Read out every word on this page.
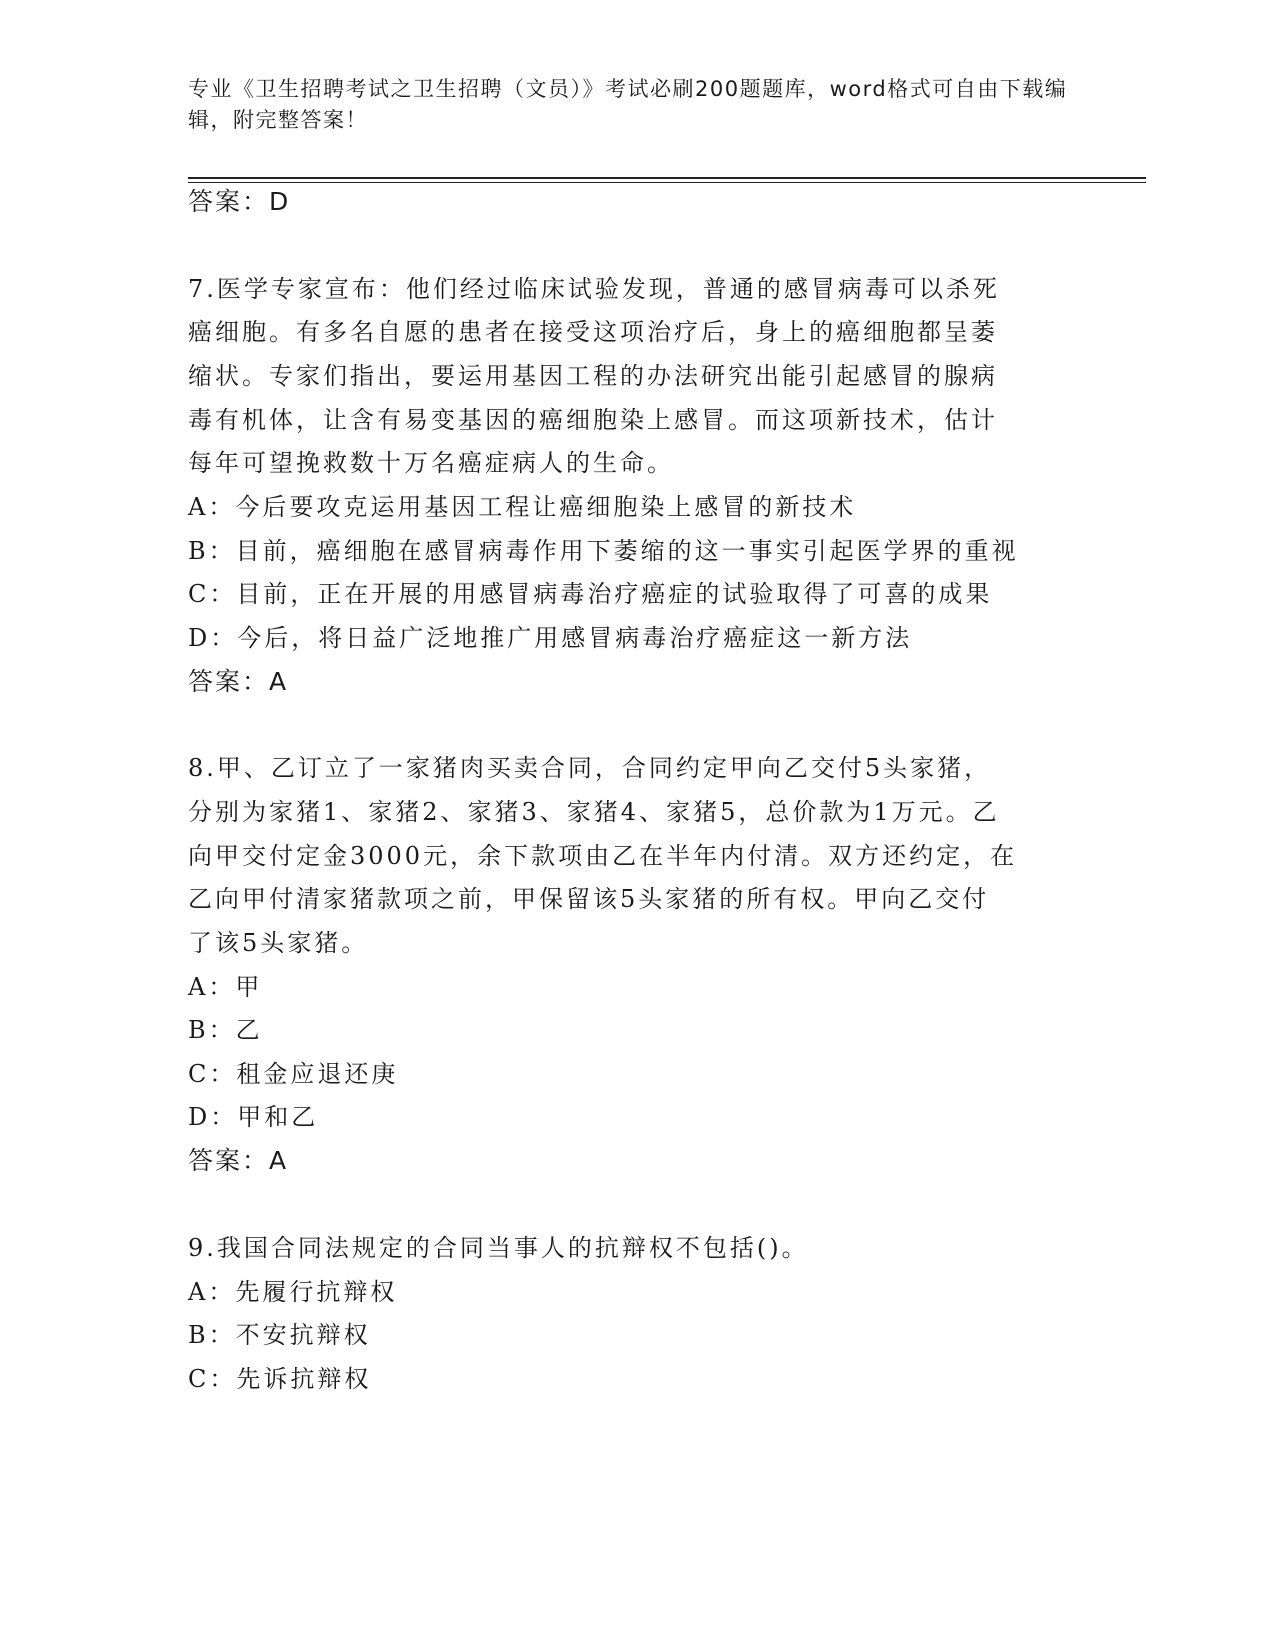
专业《卫生招聘考试之卫生招聘（文员）》考试必刷200题题库，word格式可自由下载编辑，附完整答案！
答案：D
7.医学专家宣布：他们经过临床试验发现，普通的感冒病毒可以杀死
癌细胞。有多名自愿的患者在接受这项治疗后，身上的癌细胞都呈萎
缩状。专家们指出，要运用基因工程的办法研究出能引起感冒的腺病
毒有机体，让含有易变基因的癌细胞染上感冒。而这项新技术，估计
每年可望挽救数十万名癌症病人的生命。
A：今后要攻克运用基因工程让癌细胞染上感冒的新技术
B：目前，癌细胞在感冒病毒作用下萎缩的这一事实引起医学界的重视
C：目前，正在开展的用感冒病毒治疗癌症的试验取得了可喜的成果
D：今后，将日益广泛地推广用感冒病毒治疗癌症这一新方法
答案：A
8.甲、乙订立了一家猪肉买卖合同，合同约定甲向乙交付5头家猪，
分别为家猪1、家猪2、家猪3、家猪4、家猪5，总价款为1万元。乙
向甲交付定金3000元，余下款项由乙在半年内付清。双方还约定，在
乙向甲付清家猪款项之前，甲保留该5头家猪的所有权。甲向乙交付
了该5头家猪。
A：甲
B：乙
C：租金应退还庚
D：甲和乙
答案：A
9.我国合同法规定的合同当事人的抗辩权不包括()。
A：先履行抗辩权
B：不安抗辩权
C：先诉抗辩权
